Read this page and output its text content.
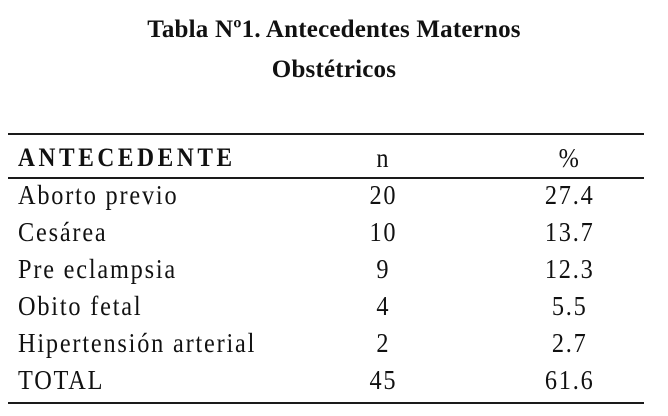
Tabla Nº1. Antecedentes Maternos
Obstétricos
ANTECEDENTE	n	%
Aborto previo	20	27.4
Cesárea	10	13.7
Pre eclampsia	9	12.3
Obito fetal	4	5.5
Hipertensión arterial	2	2.7
TOTAL	45	61.6
